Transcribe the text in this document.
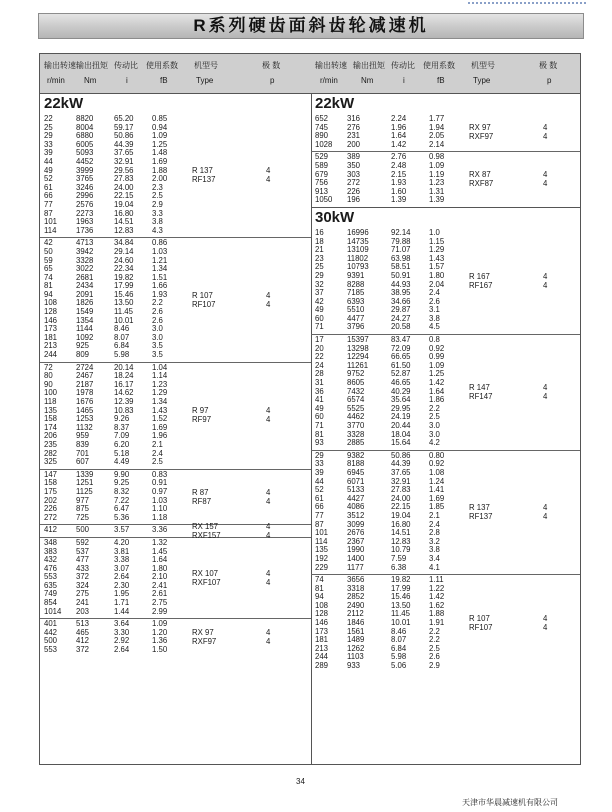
R系列硬齿面斜齿轮减速机
输出转速 输出扭矩 传动比 使用系数 机型号	极 数
r/min Nm	i	fB	Type	p
22kW
22	8820	65.20 0.85
25	8004	59.17 0.94
29	6880	50.86 1.09
33	6005	44.39 1.25
39	5093	37.65 1.48
44	4452	32.91 1.69
49	3999	29.56 1.88
52	3765	27.83 2.00
61	3246	24.00 2.3
66	2996	22.15 2.5
77	2576	19.04 2.9
87	2273	16.80 3.3
101 1963	14.51 3.8
114	1736	12.83 4.3
R 137	4
RF137	4
42	4713	34.84 0.86
50	3942	29.14 1.03
59	3328	24.60 1.21
65	3022	22.34 1.34
74	2681	19.82 1.51
81	2434	17.99 1.66
94	2091	15.46 1.93
108 1826	13.50 2.2
128 1549	11.45 2.6
146 1354	10.01 2.6
173 1144	8.46	3.0
181 1092	8.07	3.0
213 925	6.84	3.5
244 809	5.98	3.5
R 107	4
RF107	4
72	2724	20.14 1.04
80	2467	18.24 1.14
90	2187	16.17 1.23
100 1978	14.62 1.29
118	1676	12.39 1.34
135 1465	10.83 1.43
158 1253	9.26	1.52
174 1132	8.37	1.69
206 959	7.09	1.96
235 839	6.20	2.1
282 701	5.18	2.4
325 607	4.49	2.5
R 97	4
RF97	4
147 1339	9.90	0.83
158 1251	9.25	0.91
175 1125	8.32	0.97
202 977	7.22	1.03
226 875	6.47	1.10
272 725	5.36	1.18
R 87	4
RF87	4
412 500	3.57	3.36	RX 157	4
RXF157	4
348 592	4.20	1.32
383 537	3.81	1.45
432 477	3.38	1.64
476 433	3.07	1.80
553 372	2.64	2.10
635 324	2.30	2.41
749 275	1.95	2.61
854 241	1.71	2.75
1014 203	1.44	2.99
RX 107	4
RXF107	4
401 513	3.64	1.09
442 465	3.30	1.20
500 412	2.92	1.36
553 372	2.64	1.50
RX 97	4
RXF97	4
输出转速 输出扭矩 传动比 使用系数 机型号	极 数
r/min	Nm	i	fB	Type	p
22kW
652 316	2.24	1.77
745 276	1.96	1.94
890 231	1.64	2.05
1028 200	1.42	2.14
RX 97	4
RXF97	4
529 389	2.76	0.98
589 350	2.48	1.09
679 303	2.15	1.19
756 272	1.93	1.23
913 226	1.60	1.31
1050 196	1.39	1.39
RX 87	4
RXF87	4
30kW
16	16996	92.14 1.0
18	14735	79.88 1.15
21	13109	71.07 1.29
23	11802	63.98 1.43
25	10793	58.51 1.57
29	9391	50.91 1.80
32	8288	44.93 2.04
37	7185	38.95 2.4
42	6393	34.66 2.6
49	5510	29.87 3.1
60	4477	24.27 3.8
71	3796	20.58 4.5
R 167	4
RF167	4
17	15397	83.47 0.8
20	13298	72.09 0.92
22	12294	66.65 0.99
24	11261	61.50 1.09
28	9752	52.87 1.25
31	8605	46.65 1.42
36	7432	40.29 1.64
41	6574	35.64 1.86
49	5525	29.95 2.2
60	4462	24.19 2.5
71	3770	20.44 3.0
81	3328	18.04 3.0
93	2885	15.64 4.2
R 147	4
RF147	4
29	9382	50.86 0.80
33	8188	44.39 0.92
39	6945	37.65 1.08
44	6071	32.91 1.24
52	5133	27.83 1.41
61	4427	24.00 1.69
66	4086	22.15 1.85
77	3512	19.04 2.1
87	3099	16.80 2.4
101 2676	14.51 2.8
114	2367	12.83 3.2
135 1990	10.79 3.8
192 1400	7.59	3.4
229 1177	6.38	4.1
R 137	4
RF137	4
74	3656	19.82 1.11
81	3318	17.99 1.22
94	2852	15.46 1.42
108 2490	13.50 1.62
128 2112	11.45 1.88
146 1846	10.01 1.91
173 1561	8.46	2.2
181 1489	8.07	2.2
213 1262	6.84	2.5
244 1103	5.98	2.6
289 933	5.06	2.9
R 107	4
RF107	4
34
天津市华晨减速机有限公司
